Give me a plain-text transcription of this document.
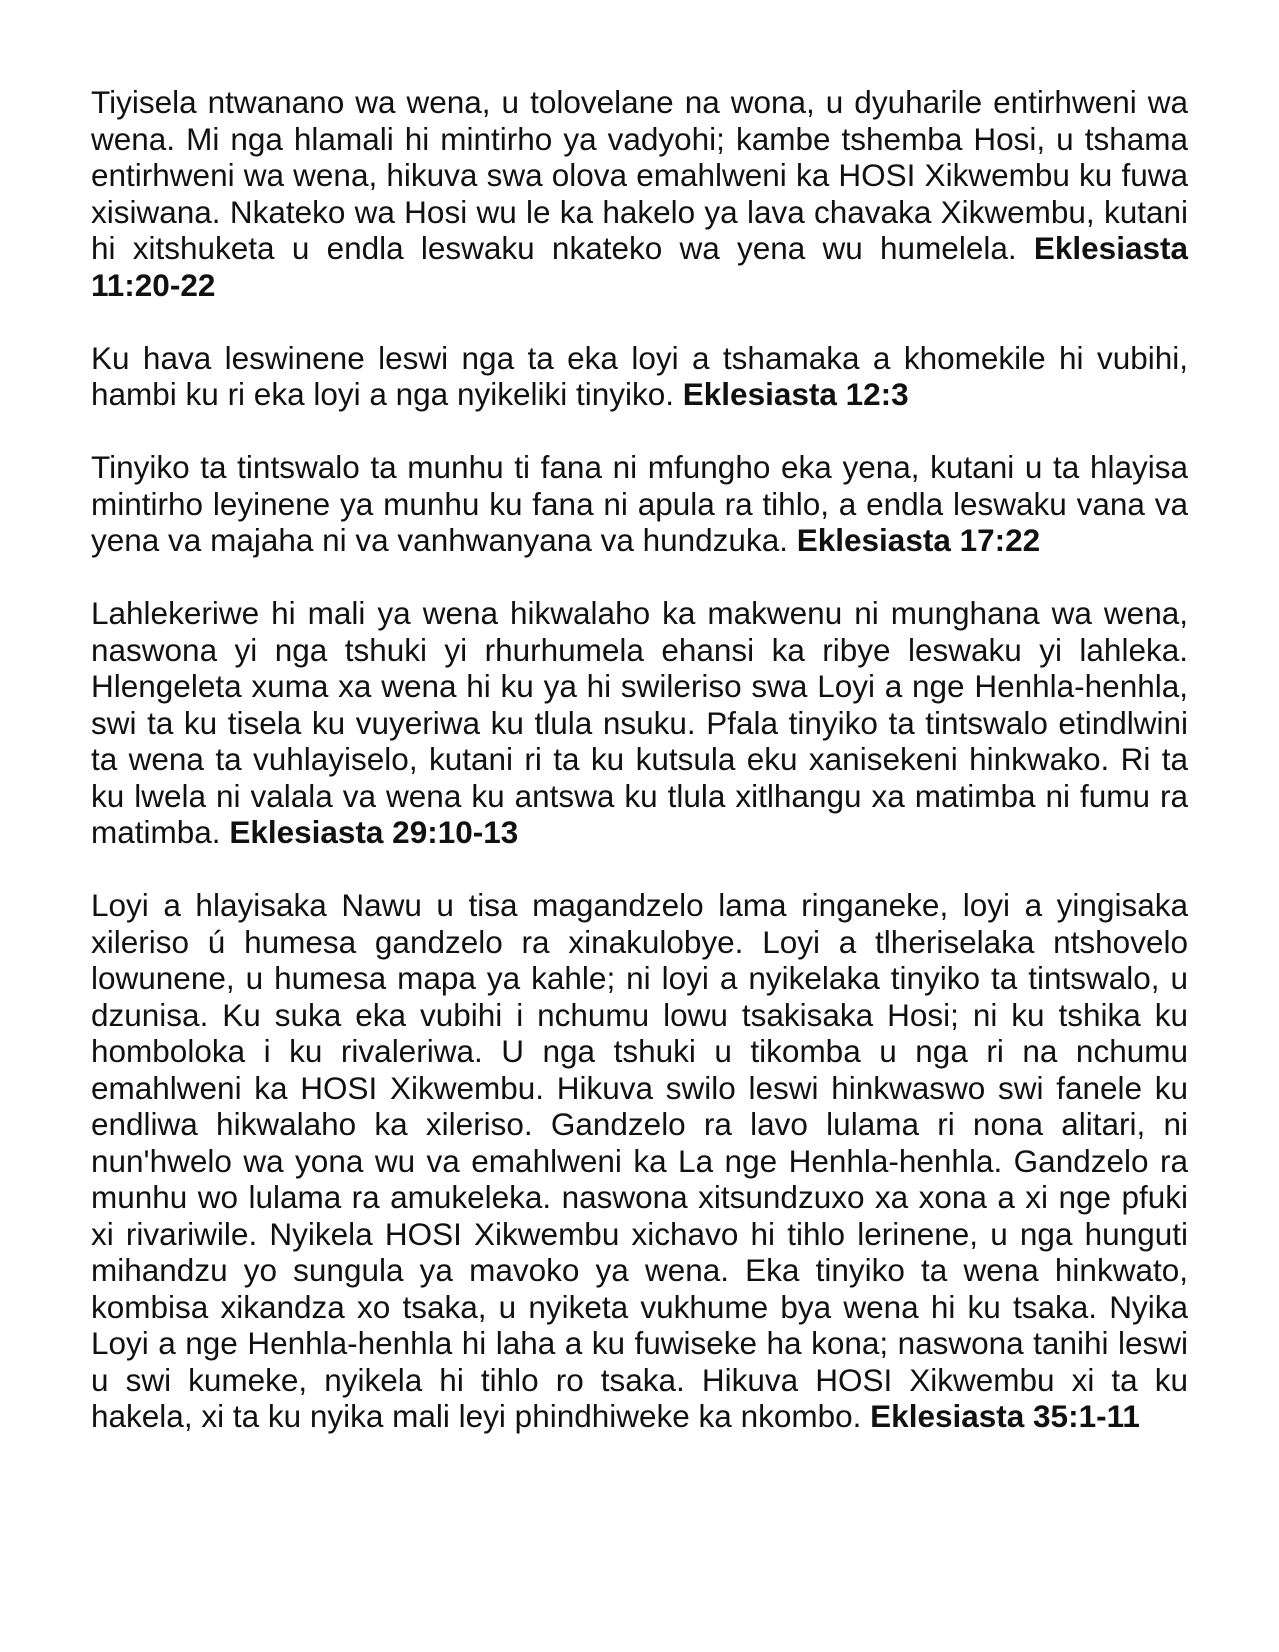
Tiyisela ntwanano wa wena, u tolovelane na wona, u dyuharile entirhweni wa wena. Mi nga hlamali hi mintirho ya vadyohi; kambe tshemba Hosi, u tshama entirhweni wa wena, hikuva swa olova emahlweni ka HOSI Xikwembu ku fuwa xisiwana. Nkateko wa Hosi wu le ka hakelo ya lava chavaka Xikwembu, kutani hi xitshuketa u endla leswaku nkateko wa yena wu humelela. Eklesiasta 11:20-22

Ku hava leswinene leswi nga ta eka loyi a tshamaka a khomekile hi vubihi, hambi ku ri eka loyi a nga nyikeliki tinyiko. Eklesiasta 12:3

Tinyiko ta tintswalo ta munhu ti fana ni mfungho eka yena, kutani u ta hlayisa mintirho leyinene ya munhu ku fana ni apula ra tihlo, a endla leswaku vana va yena va majaha ni va vanhwanyana va hundzuka. Eklesiasta 17:22

Lahlekeriwe hi mali ya wena hikwalaho ka makwenu ni munghana wa wena, naswona yi nga tshuki yi rhurhumela ehansi ka ribye leswaku yi lahleka. Hlengeleta xuma xa wena hi ku ya hi swileriso swa Loyi a nge Henhla-henhla, swi ta ku tisela ku vuyeriwa ku tlula nsuku. Pfala tinyiko ta tintswalo etindlwini ta wena ta vuhlayiselo, kutani ri ta ku kutsula eku xanisekeni hinkwako. Ri ta ku lwela ni valala va wena ku antswa ku tlula xitlhangu xa matimba ni fumu ra matimba. Eklesiasta 29:10-13

Loyi a hlayisaka Nawu u tisa magandzelo lama ringaneke, loyi a yingisaka xileriso ú humesa gandzelo ra xinakulobye. Loyi a tlheriselaka ntshovelo lowunene, u humesa mapa ya kahle; ni loyi a nyikelaka tinyiko ta tintswalo, u dzunisa. Ku suka eka vubihi i nchumu lowu tsakisaka Hosi; ni ku tshika ku homboloka i ku rivaleriwa. U nga tshuki u tikomba u nga ri na nchumu emahlweni ka HOSI Xikwembu. Hikuva swilo leswi hinkwaswo swi fanele ku endliwa hikwalaho ka xileriso. Gandzelo ra lavo lulama ri nona alitari, ni nun'hwelo wa yona wu va emahlweni ka La nge Henhla-henhla. Gandzelo ra munhu wo lulama ra amukeleka. naswona xitsundzuxo xa xona a xi nge pfuki xi rivariwile. Nyikela HOSI Xikwembu xichavo hi tihlo lerinene, u nga hunguti mihandzu yo sungula ya mavoko ya wena. Eka tinyiko ta wena hinkwato, kombisa xikandza xo tsaka, u nyiketa vukhume bya wena hi ku tsaka. Nyika Loyi a nge Henhla-henhla hi laha a ku fuwiseke ha kona; naswona tanihi leswi u swi kumeke, nyikela hi tihlo ro tsaka. Hikuva HOSI Xikwembu xi ta ku hakela, xi ta ku nyika mali leyi phindhiweke ka nkombo. Eklesiasta 35:1-11
